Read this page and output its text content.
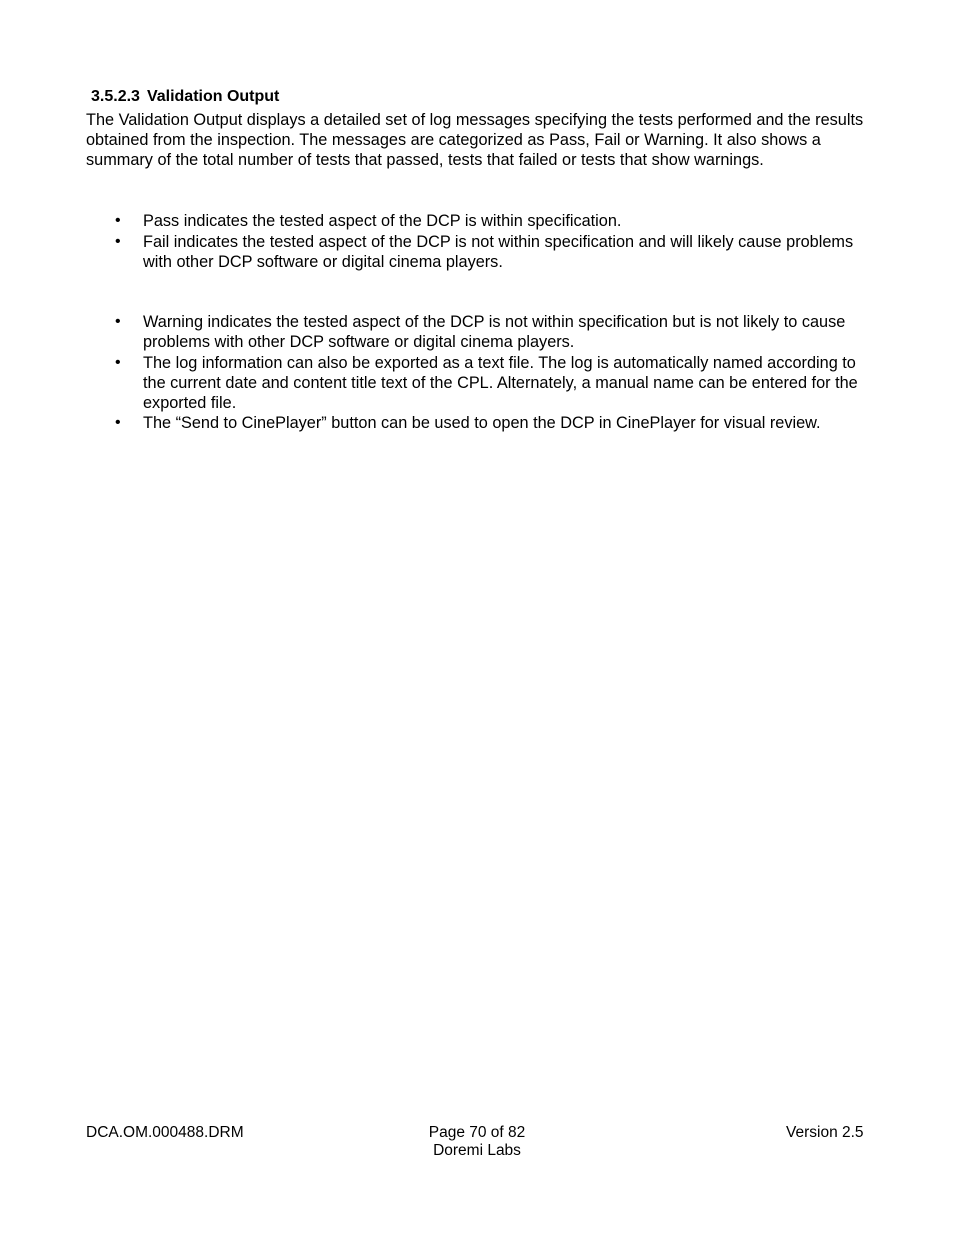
3.5.2.3 Validation Output

The Validation Output displays a detailed set of log messages specifying the tests performed and the results obtained from the inspection. The messages are categorized as Pass, Fail or Warning. It also shows a summary of the total number of tests that passed, tests that failed or tests that show warnings.

• Pass indicates the tested aspect of the DCP is within specification.
• Fail indicates the tested aspect of the DCP is not within specification and will likely cause problems with other DCP software or digital cinema players.
• Warning indicates the tested aspect of the DCP is not within specification but is not likely to cause problems with other DCP software or digital cinema players.
• The log information can also be exported as a text file. The log is automatically named according to the current date and content title text of the CPL. Alternately, a manual name can be entered for the exported file.
• The “Send to CinePlayer” button can be used to open the DCP in CinePlayer for visual review.
DCA.OM.000488.DRM	Page 70 of 82
Doremi Labs
Version 2.5
